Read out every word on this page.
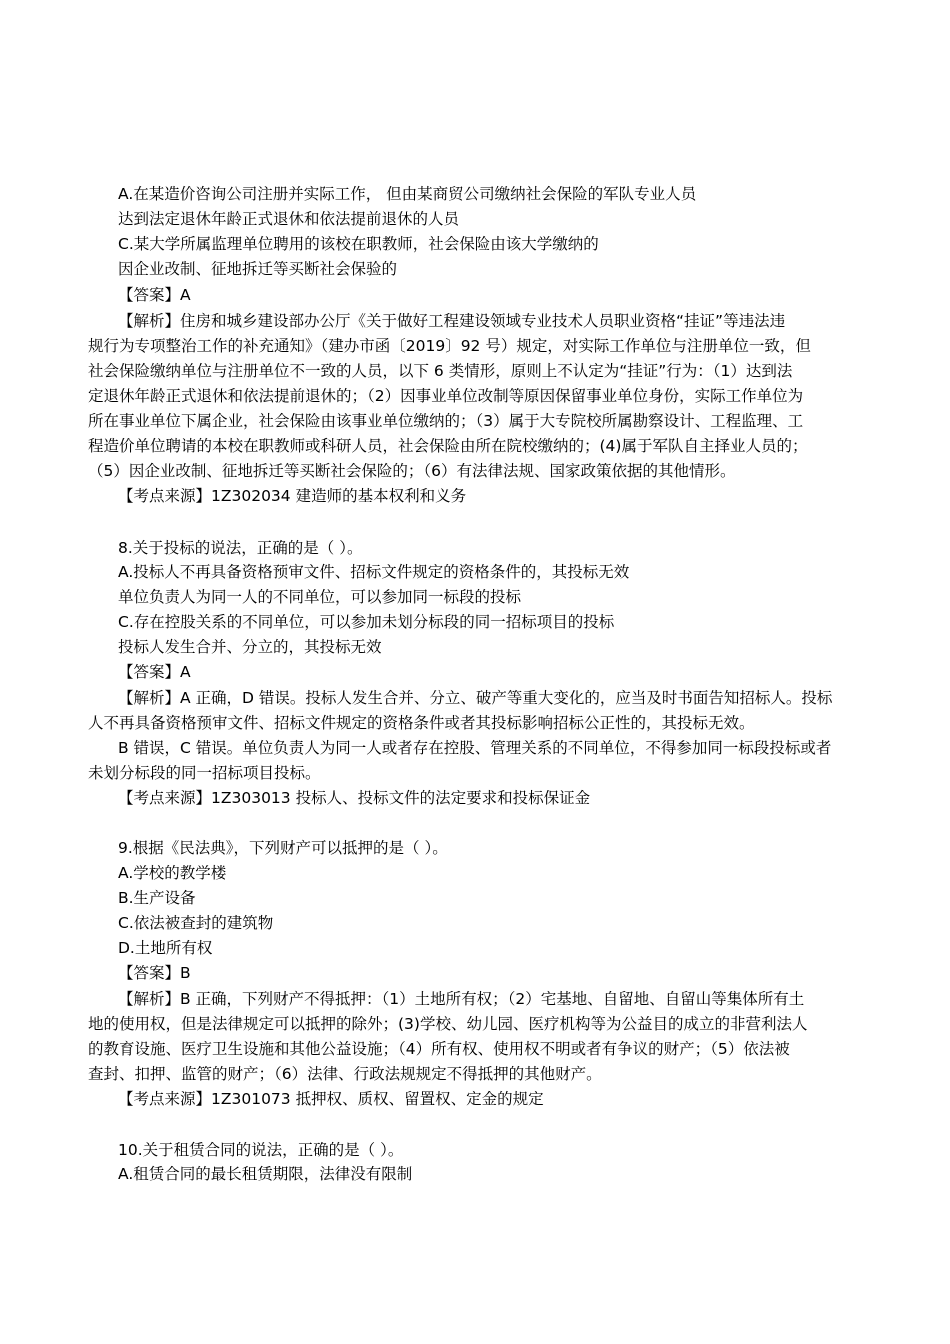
A.在某造价咨询公司注册并实际工作， 但由某商贸公司缴纳社会保险的军队专业人员
达到法定退休年龄正式退休和依法提前退休的人员
C.某大学所属监理单位聘用的该校在职教师，社会保险由该大学缴纳的
因企业改制、征地拆迁等买断社会保验的
【答案】A
【解析】住房和城乡建设部办公厅《关于做好工程建设领域专业技术人员职业资格“挂证”等违法违
规行为专项整治工作的补充通知》（建办市函〔2019〕92 号）规定，对实际工作单位与注册单位一致，但
社会保险缴纳单位与注册单位不一致的人员，以下 6 类情形，原则上不认定为“挂证”行为：（1）达到法
定退休年龄正式退休和依法提前退休的；（2）因事业单位改制等原因保留事业单位身份，实际工作单位为
所在事业单位下属企业，社会保险由该事业单位缴纳的；（3）属于大专院校所属勘察设计、工程监理、工
程造价单位聘请的本校在职教师或科研人员，社会保险由所在院校缴纳的；(4)属于军队自主择业人员的；
（5）因企业改制、征地拆迁等买断社会保险的；（6）有法律法规、国家政策依据的其他情形。
【考点来源】1Z302034 建造师的基本权利和义务
8.关于投标的说法，正确的是（ ）。
A.投标人不再具备资格预审文件、招标文件规定的资格条件的，其投标无效
单位负责人为同一人的不同单位，可以参加同一标段的投标
C.存在控股关系的不同单位，可以参加未划分标段的同一招标项目的投标
投标人发生合并、分立的，其投标无效
【答案】A
【解析】A 正确，D 错误。投标人发生合并、分立、破产等重大变化的，应当及时书面告知招标人。投标
人不再具备资格预审文件、招标文件规定的资格条件或者其投标影响招标公正性的，其投标无效。
B 错误，C 错误。单位负责人为同一人或者存在控股、管理关系的不同单位，不得参加同一标段投标或者
未划分标段的同一招标项目投标。
【考点来源】1Z303013 投标人、投标文件的法定要求和投标保证金
9.根据《民法典》，下列财产可以抵押的是（ ）。
A.学校的教学楼
B.生产设备
C.依法被查封的建筑物
D.土地所有权
【答案】B
【解析】B 正确，下列财产不得抵押：（1）土地所有权；（2）宅基地、自留地、自留山等集体所有土
地的使用权，但是法律规定可以抵押的除外；(3)学校、幼儿园、医疗机构等为公益目的成立的非营利法人
的教育设施、医疗卫生设施和其他公益设施；（4）所有权、使用权不明或者有争议的财产；（5）依法被
查封、扣押、监管的财产；（6）法律、行政法规规定不得抵押的其他财产。
【考点来源】1Z301073 抵押权、质权、留置权、定金的规定
10.关于租赁合同的说法，正确的是（ ）。
A.租赁合同的最长租赁期限，法律没有限制
